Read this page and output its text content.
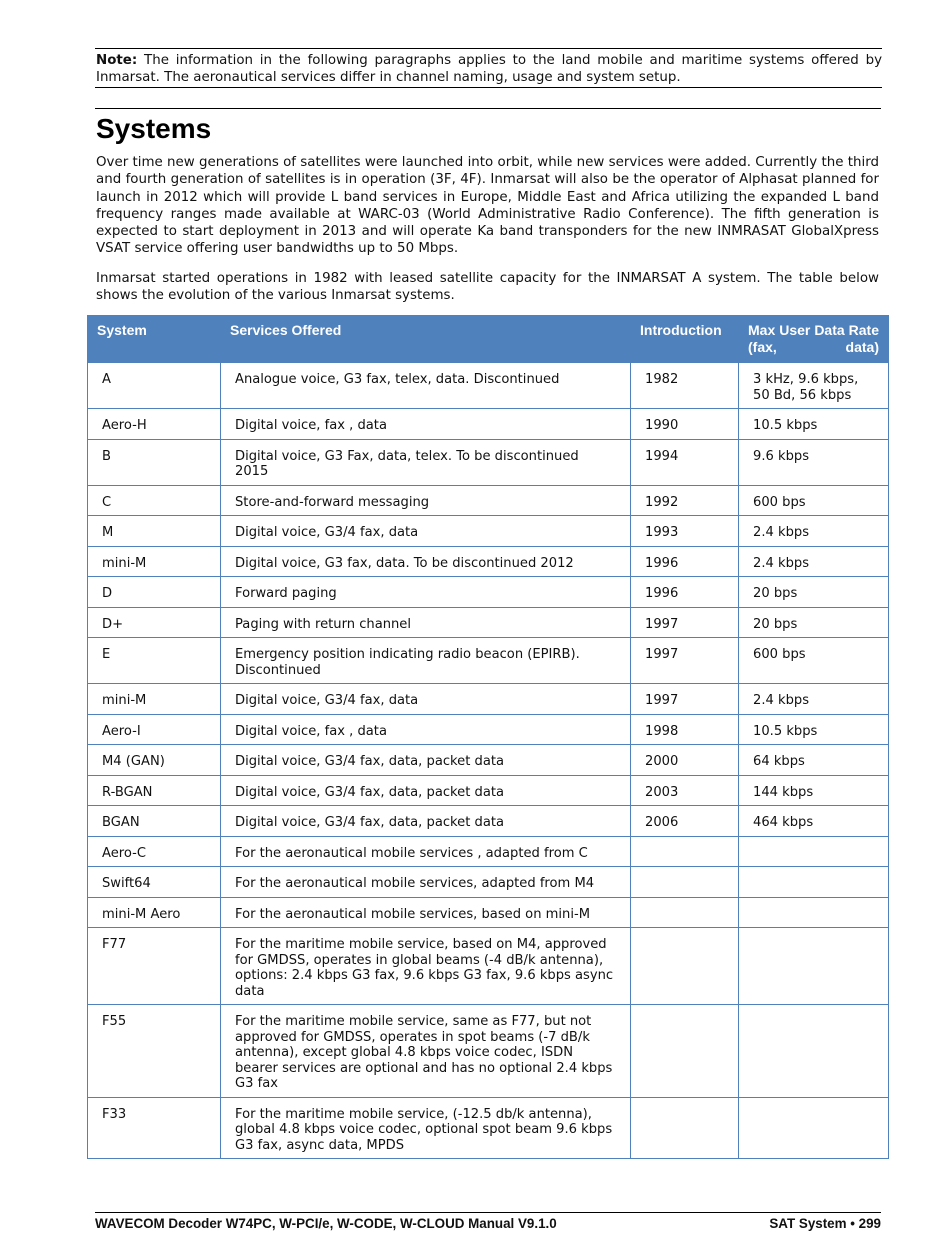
Note: The information in the following paragraphs applies to the land mobile and maritime systems offered by Inmarsat. The aeronautical services differ in channel naming, usage and system setup.
Systems

Over time new generations of satellites were launched into orbit, while new services were added. Currently the third and fourth generation of satellites is in operation (3F, 4F). Inmarsat will also be the operator of Alphasat planned for launch in 2012 which will provide L band services in Europe, Middle East and Africa utilizing the expanded L band frequency ranges made available at WARC-03 (World Administrative Radio Conference). The fifth generation is expected to start deployment in 2013 and will operate Ka band transponders for the new INMRASAT GlobalXpress VSAT service offering user bandwidths up to 50 Mbps.

Inmarsat started operations in 1982 with leased satellite capacity for the INMARSAT A system. The table below shows the evolution of the various Inmarsat systems.

System	Services Offered	Introduction	Max User Data Rate (fax, data)
A	Analogue voice, G3 fax, telex, data. Discontinued	1982	3 kHz, 9.6 kbps, 50 Bd, 56 kbps
Aero-H	Digital voice, fax , data	1990	10.5 kbps
B	Digital voice, G3 Fax, data, telex. To be discontinued 2015	1994	9.6 kbps
C	Store-and-forward messaging	1992	600 bps
M	Digital voice, G3/4 fax, data	1993	2.4 kbps
mini-M	Digital voice, G3 fax, data. To be discontinued 2012	1996	2.4 kbps
D	Forward paging	1996	20 bps
D+	Paging with return channel	1997	20 bps
E	Emergency position indicating radio beacon (EPIRB). Discontinued	1997	600 bps
mini-M	Digital voice, G3/4 fax, data	1997	2.4 kbps
Aero-I	Digital voice, fax , data	1998	10.5 kbps
M4 (GAN)	Digital voice, G3/4 fax, data, packet data	2000	64 kbps
R-BGAN	Digital voice, G3/4 fax, data, packet data	2003	144 kbps
BGAN	Digital voice, G3/4 fax, data, packet data	2006	464 kbps
Aero-C	For the aeronautical mobile services , adapted from C		
Swift64	For the aeronautical mobile services, adapted from M4		
mini-M Aero	For the aeronautical mobile services, based on mini-M		
F77	For the maritime mobile service, based on M4, approved for GMDSS, operates in global beams (-4 dB/k antenna), options: 2.4 kbps G3 fax, 9.6 kbps G3 fax, 9.6 kbps async data		
F55	For the maritime mobile service, same as F77, but not approved for GMDSS, operates in spot beams (-7 dB/k antenna), except global 4.8 kbps voice codec, ISDN bearer services are optional and has no optional 2.4 kbps G3 fax		
F33	For the maritime mobile service, (-12.5 db/k antenna), global 4.8 kbps voice codec, optional spot beam 9.6 kbps G3 fax, async data, MPDS		
WAVECOM Decoder W74PC, W-PCI/e, W-CODE, W-CLOUD Manual V9.1.0	SAT System • 299
